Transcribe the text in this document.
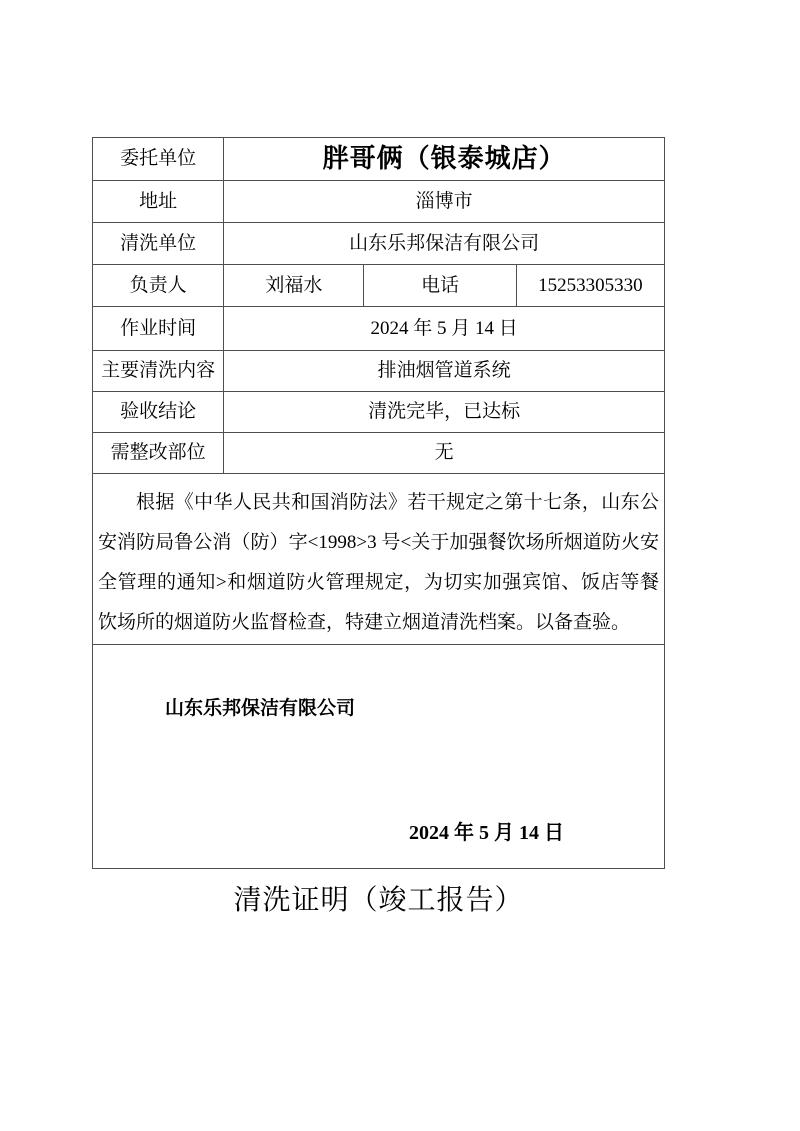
委托单位	胖哥俩（银泰城店）		
地址	淄博市		
清洗单位	山东乐邦保洁有限公司		
负责人	刘福水	电话	15253305330
作业时间	2024 年 5 月 14 日		
主要清洗内容	排油烟管道系统		
验收结论	清洗完毕，已达标		
需整改部位	无		

根据《中华人民共和国消防法》若干规定之第十七条，山东公安消防局鲁公消（防）字<1998>3 号<关于加强餐饮场所烟道防火安全管理的通知>和烟道防火管理规定，为切实加强宾馆、饭店等餐饮场所的烟道防火监督检查，特建立烟道清洗档案。以备查验。			

山东乐邦保洁有限公司
2024 年 5 月 14 日			
清洗证明（竣工报告）
